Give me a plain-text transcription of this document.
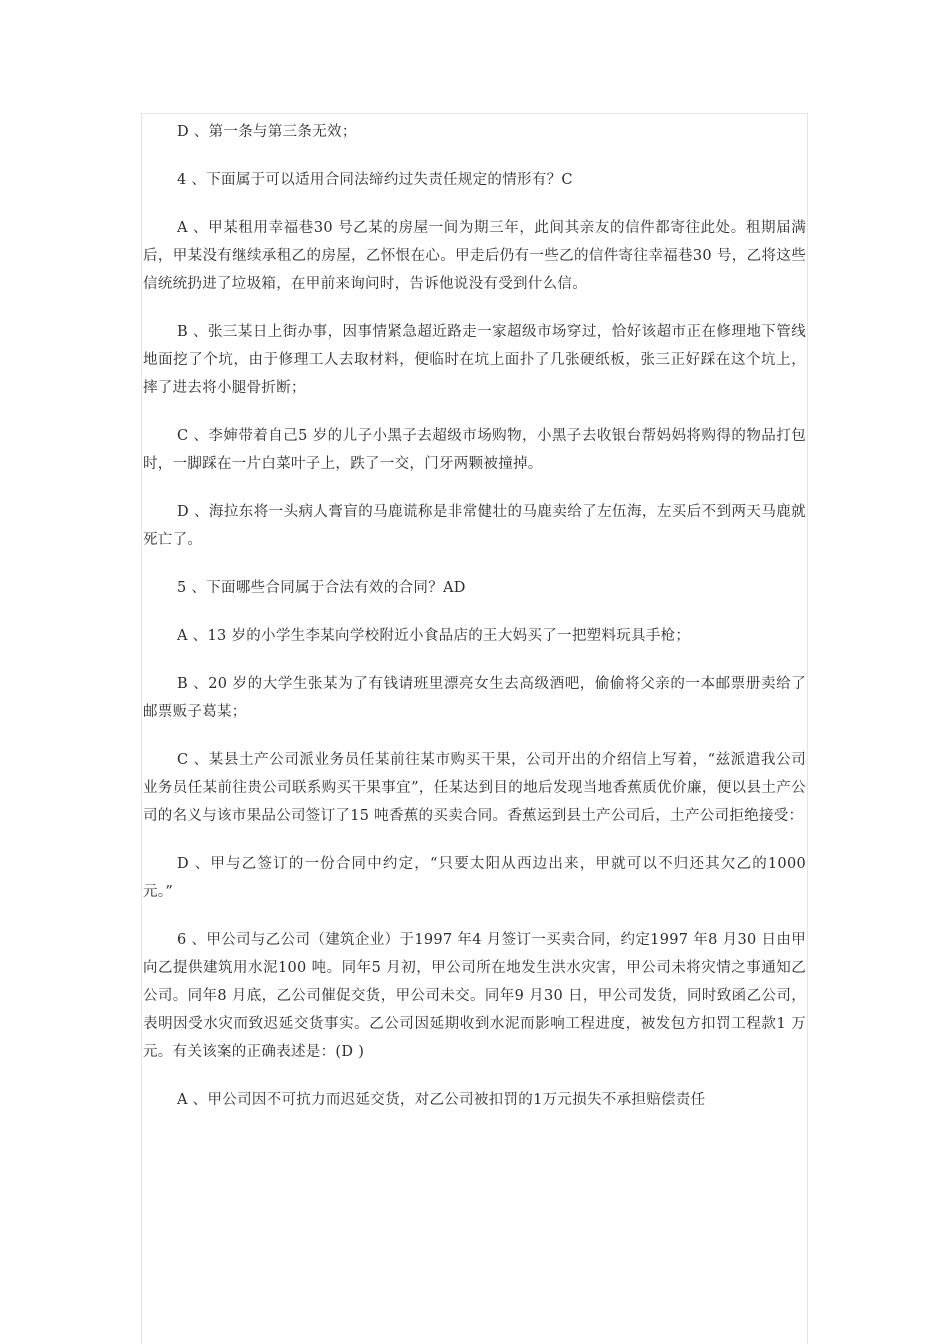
D 、第一条与第三条无效；

4 、下面属于可以适用合同法缔约过失责任规定的情形有？C

A 、甲某租用幸福巷30 号乙某的房屋一间为期三年，此间其亲友的信件都寄往此处。租期届满后，甲某没有继续承租乙的房屋，乙怀恨在心。甲走后仍有一些乙的信件寄往幸福巷30 号，乙将这些信统统扔进了垃圾箱，在甲前来询问时，告诉他说没有受到什么信。

B 、张三某日上街办事，因事情紧急超近路走一家超级市场穿过，恰好该超市正在修理地下管线地面挖了个坑，由于修理工人去取材料，便临时在坑上面扑了几张硬纸板，张三正好踩在这个坑上，摔了进去将小腿骨折断；

C 、李婶带着自己5 岁的儿子小黑子去超级市场购物，小黑子去收银台帮妈妈将购得的物品打包时，一脚踩在一片白菜叶子上，跌了一交，门牙两颗被撞掉。

D 、海拉东将一头病人膏盲的马鹿谎称是非常健壮的马鹿卖给了左伍海，左买后不到两天马鹿就死亡了。

5 、下面哪些合同属于合法有效的合同？AD

A 、13 岁的小学生李某向学校附近小食品店的王大妈买了一把塑料玩具手枪；

B 、20 岁的大学生张某为了有钱请班里漂亮女生去高级酒吧，偷偷将父亲的一本邮票册卖给了邮票贩子葛某；

C 、某县土产公司派业务员任某前往某市购买干果，公司开出的介绍信上写着，“兹派遣我公司业务员任某前往贵公司联系购买干果事宜”，任某达到目的地后发现当地香蕉质优价廉，便以县土产公司的名义与该市果品公司签订了15 吨香蕉的买卖合同。香蕉运到县土产公司后，土产公司拒绝接受：

D 、甲与乙签订的一份合同中约定，“只要太阳从西边出来，甲就可以不归还其欠乙的1000 元。”

6 、甲公司与乙公司（建筑企业）于1997 年4 月签订一买卖合同，约定1997 年8 月30 日由甲向乙提供建筑用水泥100 吨。同年5 月初，甲公司所在地发生洪水灾害，甲公司未将灾情之事通知乙公司。同年8 月底，乙公司催促交货，甲公司未交。同年9 月30 日，甲公司发货，同时致函乙公司，表明因受水灾而致迟延交货事实。乙公司因延期收到水泥而影响工程进度，被发包方扣罚工程款1 万元。有关该案的正确表述是：(D )

A 、甲公司因不可抗力而迟延交货，对乙公司被扣罚的1万元损失不承担赔偿责任
